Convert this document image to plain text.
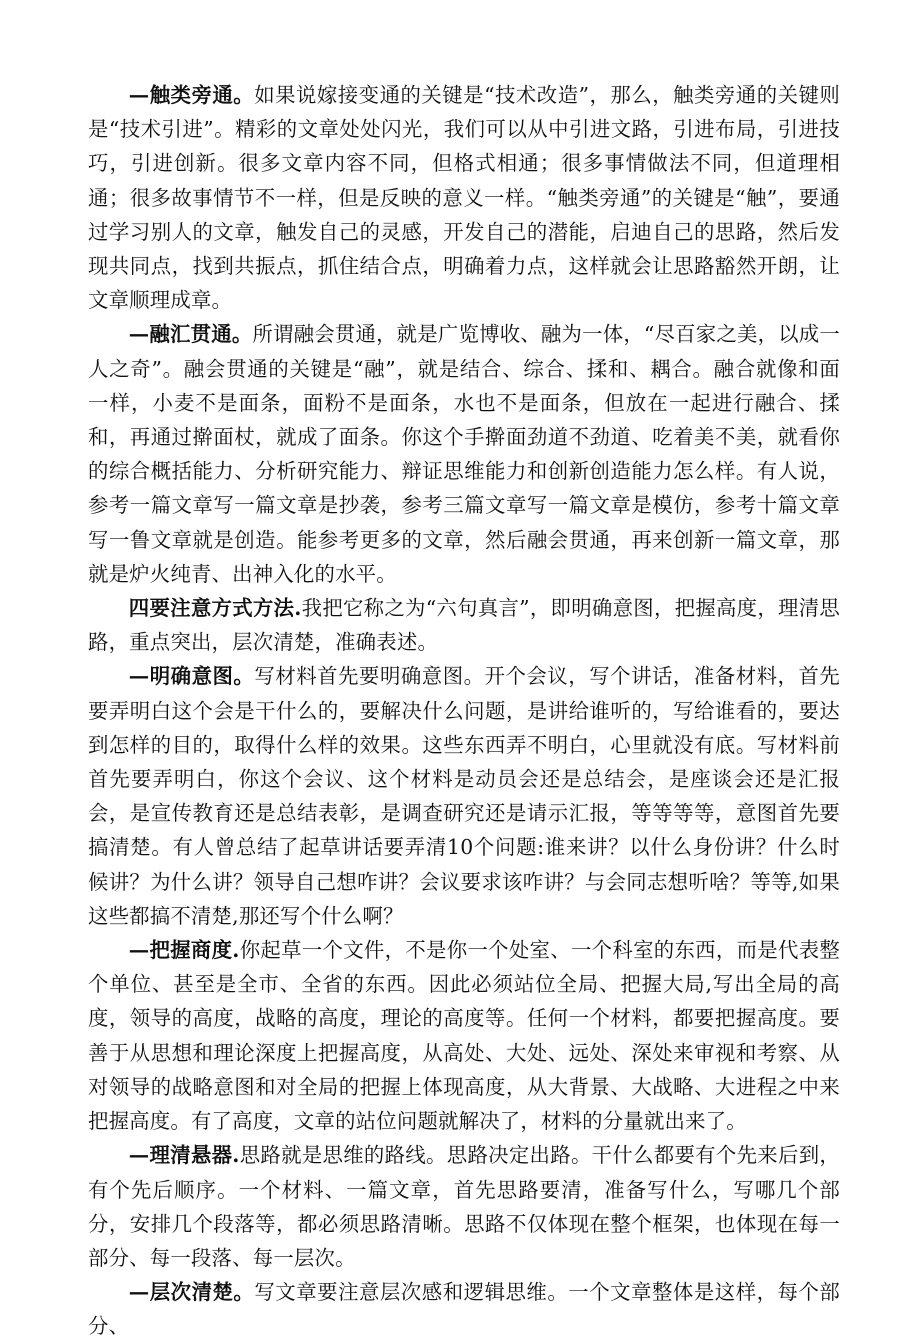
—触类旁通。如果说嫁接变通的关键是“技术改造”，那么，触类旁通的关键则是“技术引进”。精彩的文章处处闪光，我们可以从中引进文路，引进布局，引进技巧，引进创新。很多文章内容不同，但格式相通；很多事情做法不同，但道理相通；很多故事情节不一样，但是反映的意义一样。“触类旁通”的关键是“触”，要通过学习别人的文章，触发自己的灵感，开发自己的潜能，启迪自己的思路，然后发现共同点，找到共振点，抓住结合点，明确着力点，这样就会让思路豁然开朗，让文章顺理成章。

—融汇贯通。所谓融会贯通，就是广览博收、融为一体，“尽百家之美，以成一人之奇”。融会贯通的关键是“融”，就是结合、综合、揉和、耦合。融合就像和面一样，小麦不是面条，面粉不是面条，水也不是面条，但放在一起进行融合、揉和，再通过擀面杖，就成了面条。你这个手擀面劲道不劲道、吃着美不美，就看你的综合概括能力、分析研究能力、辩证思维能力和创新创造能力怎么样。有人说，参考一篇文章写一篇文章是抄袭，参考三篇文章写一篇文章是模仿，参考十篇文章写一鲁文章就是创造。能参考更多的文章，然后融会贯通，再来创新一篇文章，那就是炉火纯青、出神入化的水平。

四要注意方式方法.我把它称之为“六句真言”，即明确意图，把握高度，理清思路，重点突出，层次清楚，准确表述。

—明确意图。写材料首先要明确意图。开个会议，写个讲话，准备材料，首先要弄明白这个会是干什么的，要解决什么问题，是讲给谁听的，写给谁看的，要达到怎样的目的，取得什么样的效果。这些东西弄不明白，心里就没有底。写材料前首先要弄明白，你这个会议、这个材料是动员会还是总结会，是座谈会还是汇报会，是宣传教育还是总结表彰，是调查研究还是请示汇报，等等等等，意图首先要搞清楚。有人曾总结了起草讲话要弄清10个问题:谁来讲？以什么身份讲？什么时候讲？为什么讲？领导自己想咋讲？会议要求该咋讲？与会同志想听啥？等等,如果这些都搞不清楚,那还写个什么啊？

—把握商度.你起草一个文件，不是你一个处室、一个科室的东西，而是代表整个单位、甚至是全市、全省的东西。因此必须站位全局、把握大局,写出全局的高度，领导的高度，战略的高度，理论的高度等。任何一个材料，都要把握高度。要善于从思想和理论深度上把握高度，从高处、大处、远处、深处来审视和考察、从对领导的战略意图和对全局的把握上体现高度，从大背景、大战略、大进程之中来把握高度。有了高度，文章的站位问题就解决了，材料的分量就出来了。

—理清悬器.思路就是思维的路线。思路决定出路。干什么都要有个先来后到，有个先后顺序。一个材料、一篇文章，首先思路要清，准备写什么，写哪几个部分，安排几个段落等，都必须思路清晰。思路不仅体现在整个框架，也体现在每一部分、每一段落、每一层次。

—层次清楚。写文章要注意层次感和逻辑思维。一个文章整体是这样，每个部分、
